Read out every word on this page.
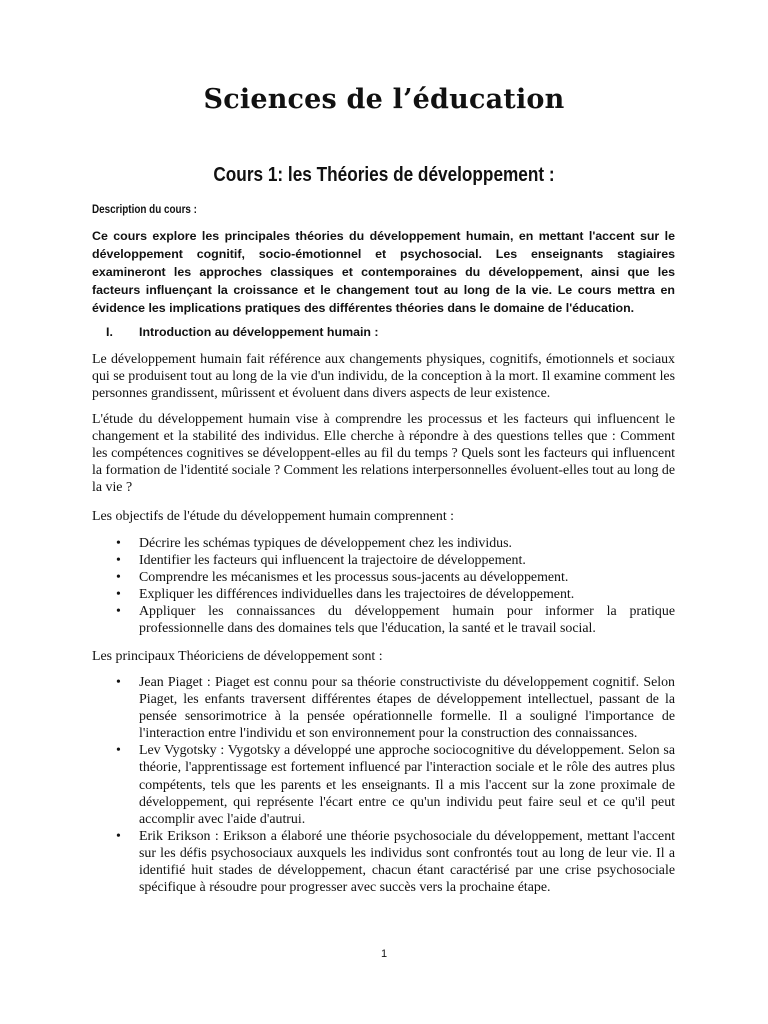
Sciences de l’éducation
Cours 1: les Théories de développement :
Description du cours :
Ce cours explore les principales théories du développement humain, en mettant l'accent sur le développement cognitif, socio-émotionnel et psychosocial. Les enseignants stagiaires examineront les approches classiques et contemporaines du développement, ainsi que les facteurs influençant la croissance et le changement tout au long de la vie. Le cours mettra en évidence les implications pratiques des différentes théories dans le domaine de l'éducation.
I.	Introduction au développement humain :

Le développement humain fait référence aux changements physiques, cognitifs, émotionnels et sociaux qui se produisent tout au long de la vie d'un individu, de la conception à la mort. Il examine comment les personnes grandissent, mûrissent et évoluent dans divers aspects de leur existence.

L'étude du développement humain vise à comprendre les processus et les facteurs qui influencent le changement et la stabilité des individus. Elle cherche à répondre à des questions telles que : Comment les compétences cognitives se développent-elles au fil du temps ? Quels sont les facteurs qui influencent la formation de l'identité sociale ? Comment les relations interpersonnelles évoluent-elles tout au long de la vie ?

Les objectifs de l'étude du développement humain comprennent :

• Décrire les schémas typiques de développement chez les individus.
• Identifier les facteurs qui influencent la trajectoire de développement.
• Comprendre les mécanismes et les processus sous-jacents au développement.
• Expliquer les différences individuelles dans les trajectoires de développement.
• Appliquer les connaissances du développement humain pour informer la pratique professionnelle dans des domaines tels que l'éducation, la santé et le travail social.

Les principaux Théoriciens de développement sont :

• Jean Piaget : Piaget est connu pour sa théorie constructiviste du développement cognitif. Selon Piaget, les enfants traversent différentes étapes de développement intellectuel, passant de la pensée sensorimotrice à la pensée opérationnelle formelle. Il a souligné l'importance de l'interaction entre l'individu et son environnement pour la construction des connaissances.
• Lev Vygotsky : Vygotsky a développé une approche sociocognitive du développement. Selon sa théorie, l'apprentissage est fortement influencé par l'interaction sociale et le rôle des autres plus compétents, tels que les parents et les enseignants. Il a mis l'accent sur la zone proximale de développement, qui représente l'écart entre ce qu'un individu peut faire seul et ce qu'il peut accomplir avec l'aide d'autrui.
• Erik Erikson : Erikson a élaboré une théorie psychosociale du développement, mettant l'accent sur les défis psychosociaux auxquels les individus sont confrontés tout au long de leur vie. Il a identifié huit stades de développement, chacun étant caractérisé par une crise psychosociale spécifique à résoudre pour progresser avec succès vers la prochaine étape.
1
